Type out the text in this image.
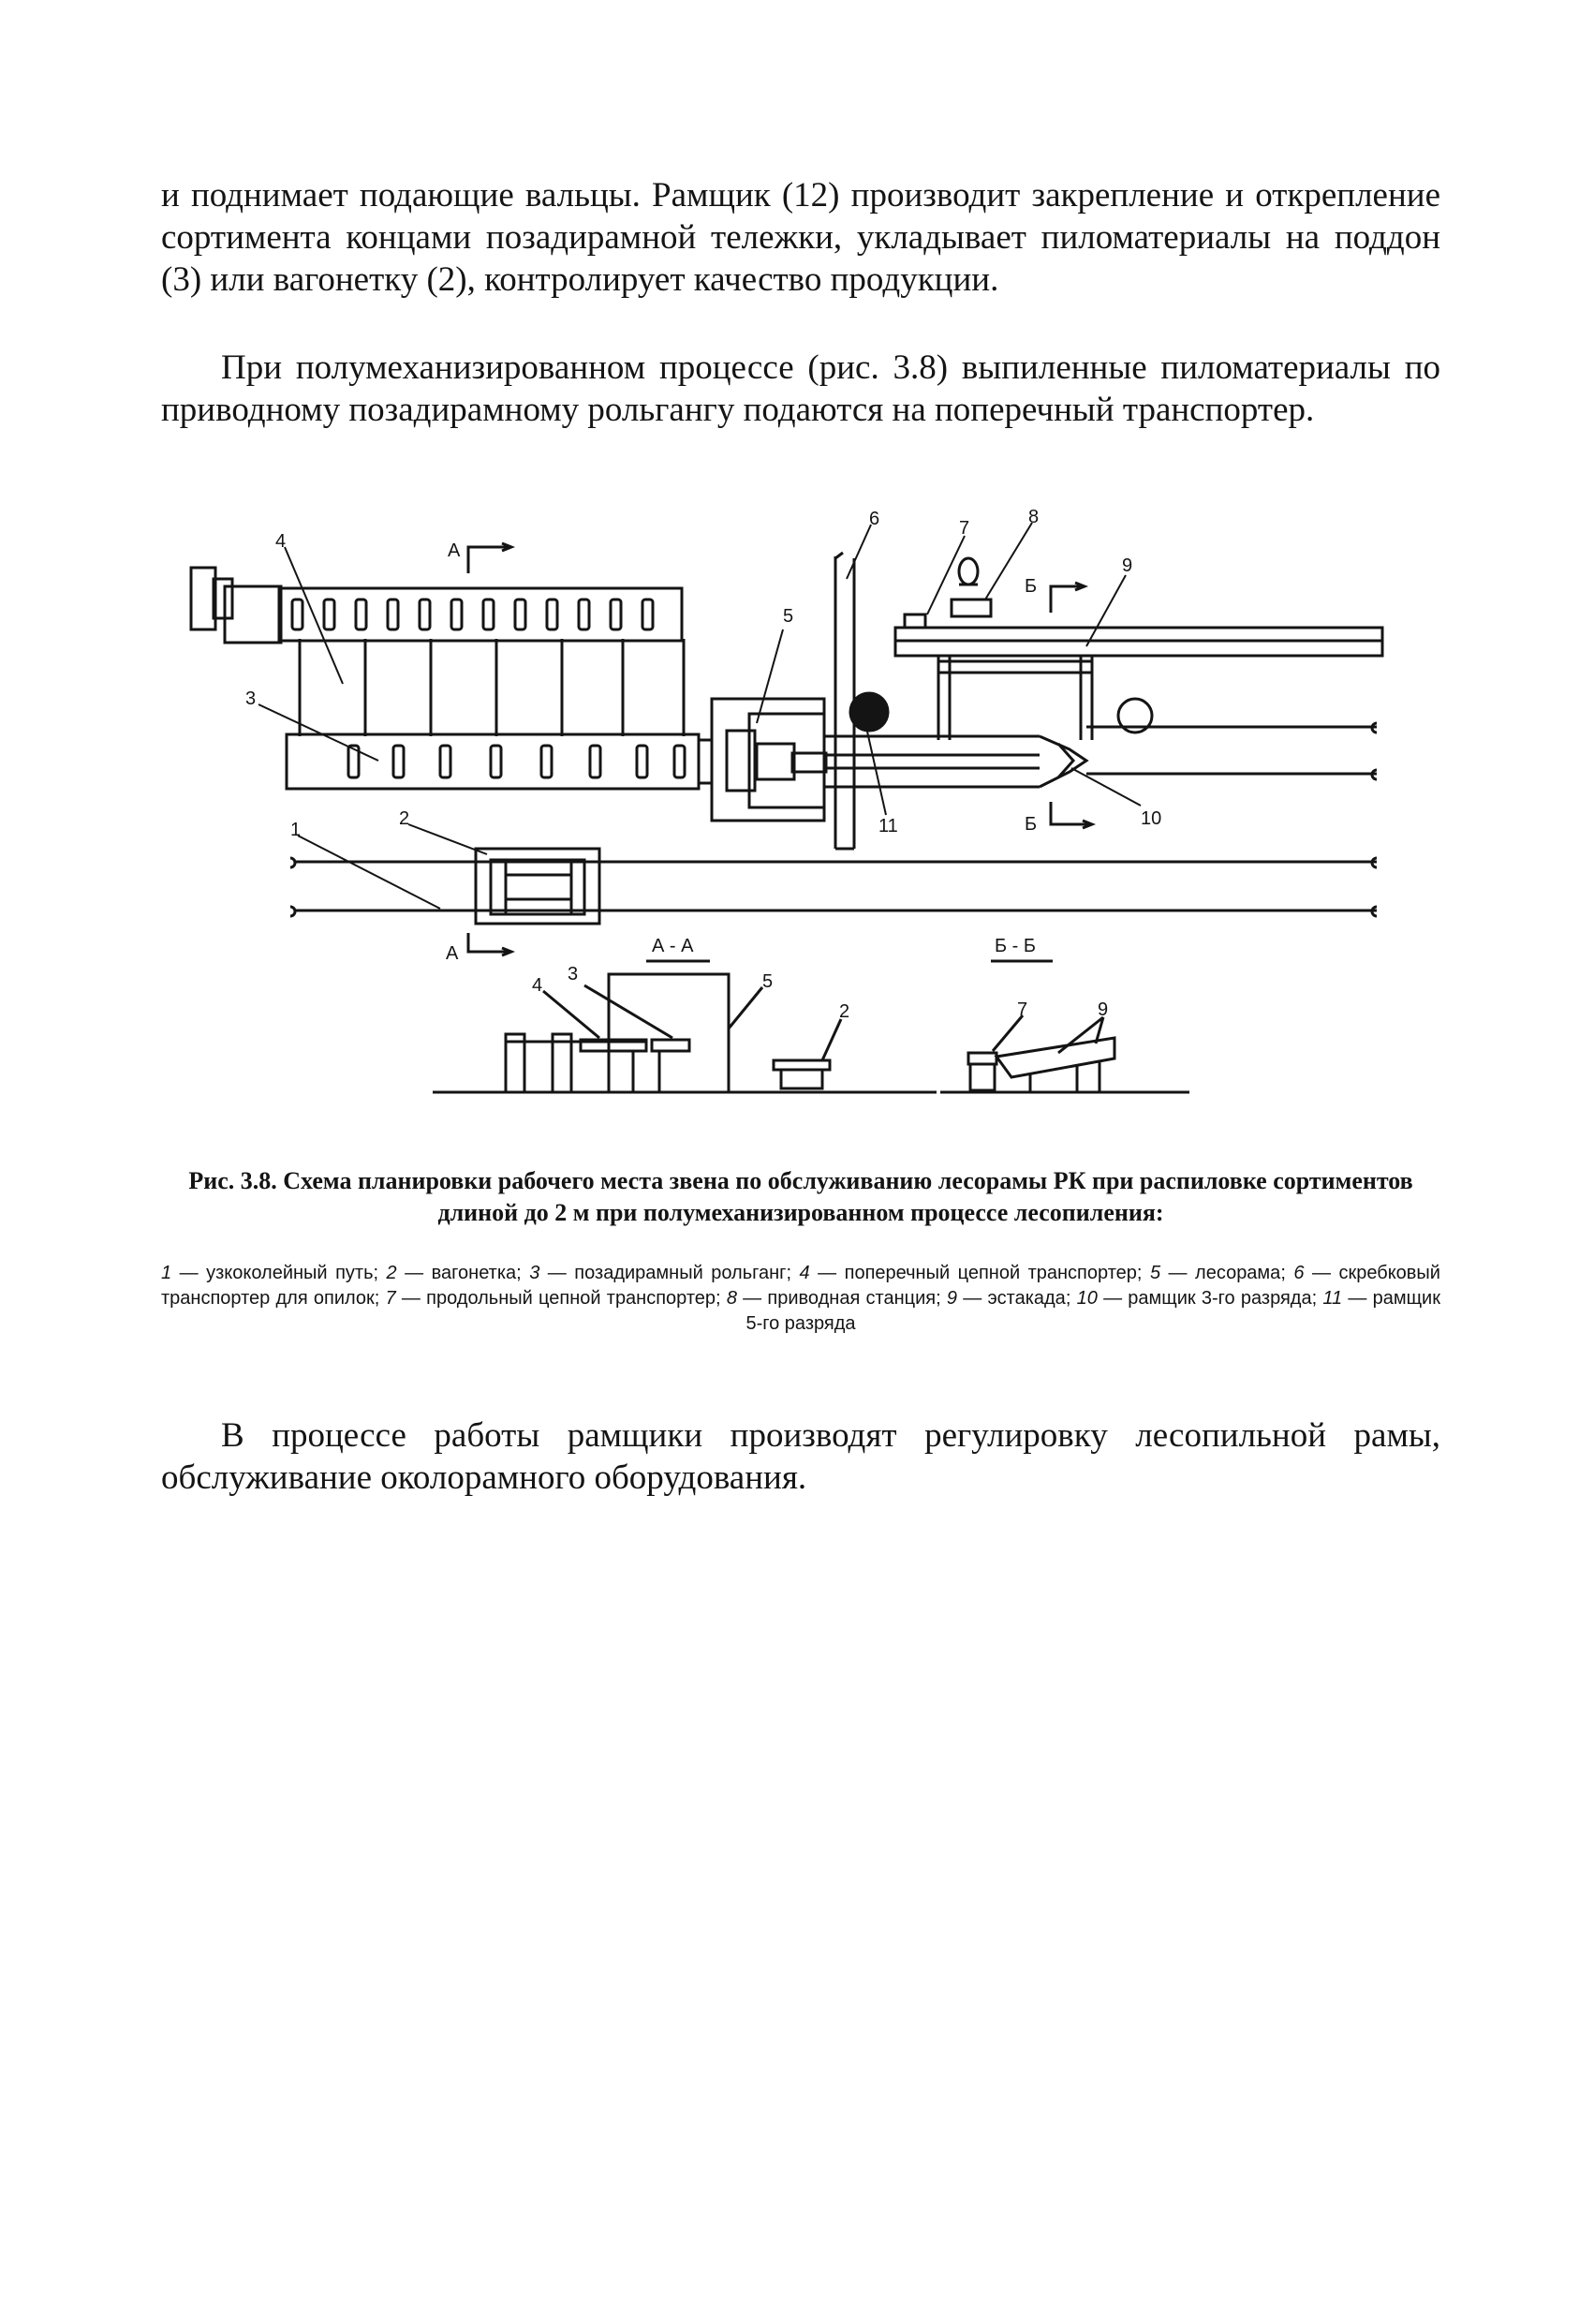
и поднимает подающие вальцы. Рамщик (12) производит закрепление и открепление сортимента концами позадирамной тележки, укладывает пиломатериалы на поддон (3) или вагонетку (2), контролирует качество продукции.

При полумеханизированном процессе (рис. 3.8) выпиленные пиломатериалы по приводному позадирамному рольгангу подаются на поперечный транспортер.

4
3
1
2
5
6	7
8
9
10
11
А
А
Б
Б
А - А	Б - Б
4
3	5
2	7	9

Рис. 3.8. Схема планировки рабочего места звена по обслуживанию лесорамы РК при распиловке сортиментов длиной до 2 м при полумеханизированном процессе лесопиления:

1 — узкоколейный путь; 2 — вагонетка; 3 — позадирамный рольганг; 4 — поперечный цепной транспортер; 5 — лесорама; 6 — скребковый транспортер для опилок; 7 — продольный цепной транспортер; 8 — приводная станция; 9 — эстакада; 10 — рамщик 3-го разряда; 11 — рамщик 5-го разряда

В процессе работы рамщики производят регулировку лесопильной рамы, обслуживание околорамного оборудования.
